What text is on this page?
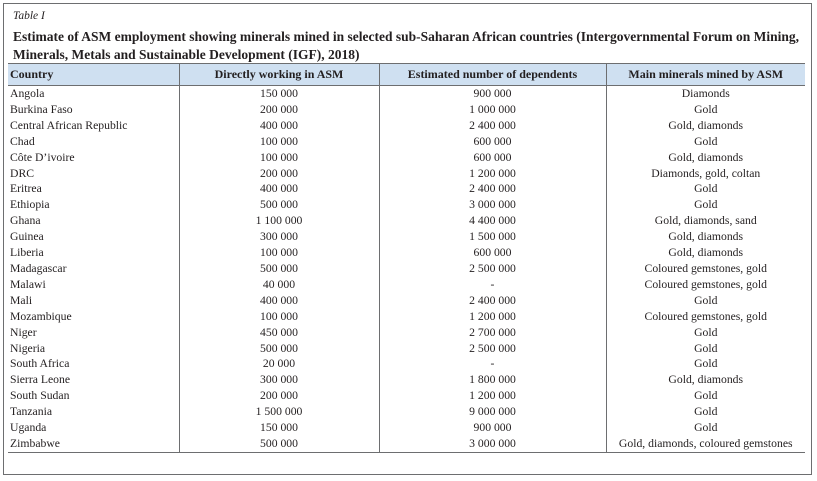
Table I
Estimate of ASM employment showing minerals mined in selected sub-Saharan African countries (Intergovernmental Forum on Mining, Minerals, Metals and Sustainable Development (IGF), 2018)
Country	Directly working in ASM	Estimated number of dependents	Main minerals mined by ASM
Angola	150 000	900 000	Diamonds
Burkina Faso	200 000	1 000 000	Gold
Central African Republic	400 000	2 400 000	Gold, diamonds
Chad	100 000	600 000	Gold
Côte D’ivoire	100 000	600 000	Gold, diamonds
DRC	200 000	1 200 000	Diamonds, gold, coltan
Eritrea	400 000	2 400 000	Gold
Ethiopia	500 000	3 000 000	Gold
Ghana	1 100 000	4 400 000	Gold, diamonds, sand
Guinea	300 000	1 500 000	Gold, diamonds
Liberia	100 000	600 000	Gold, diamonds
Madagascar	500 000	2 500 000	Coloured gemstones, gold
Malawi	40 000	-	Coloured gemstones, gold
Mali	400 000	2 400 000	Gold
Mozambique	100 000	1 200 000	Coloured gemstones, gold
Niger	450 000	2 700 000	Gold
Nigeria	500 000	2 500 000	Gold
South Africa	20 000	-	Gold
Sierra Leone	300 000	1 800 000	Gold, diamonds
South Sudan	200 000	1 200 000	Gold
Tanzania	1 500 000	9 000 000	Gold
Uganda	150 000	900 000	Gold
Zimbabwe	500 000	3 000 000	Gold, diamonds, coloured gemstones
